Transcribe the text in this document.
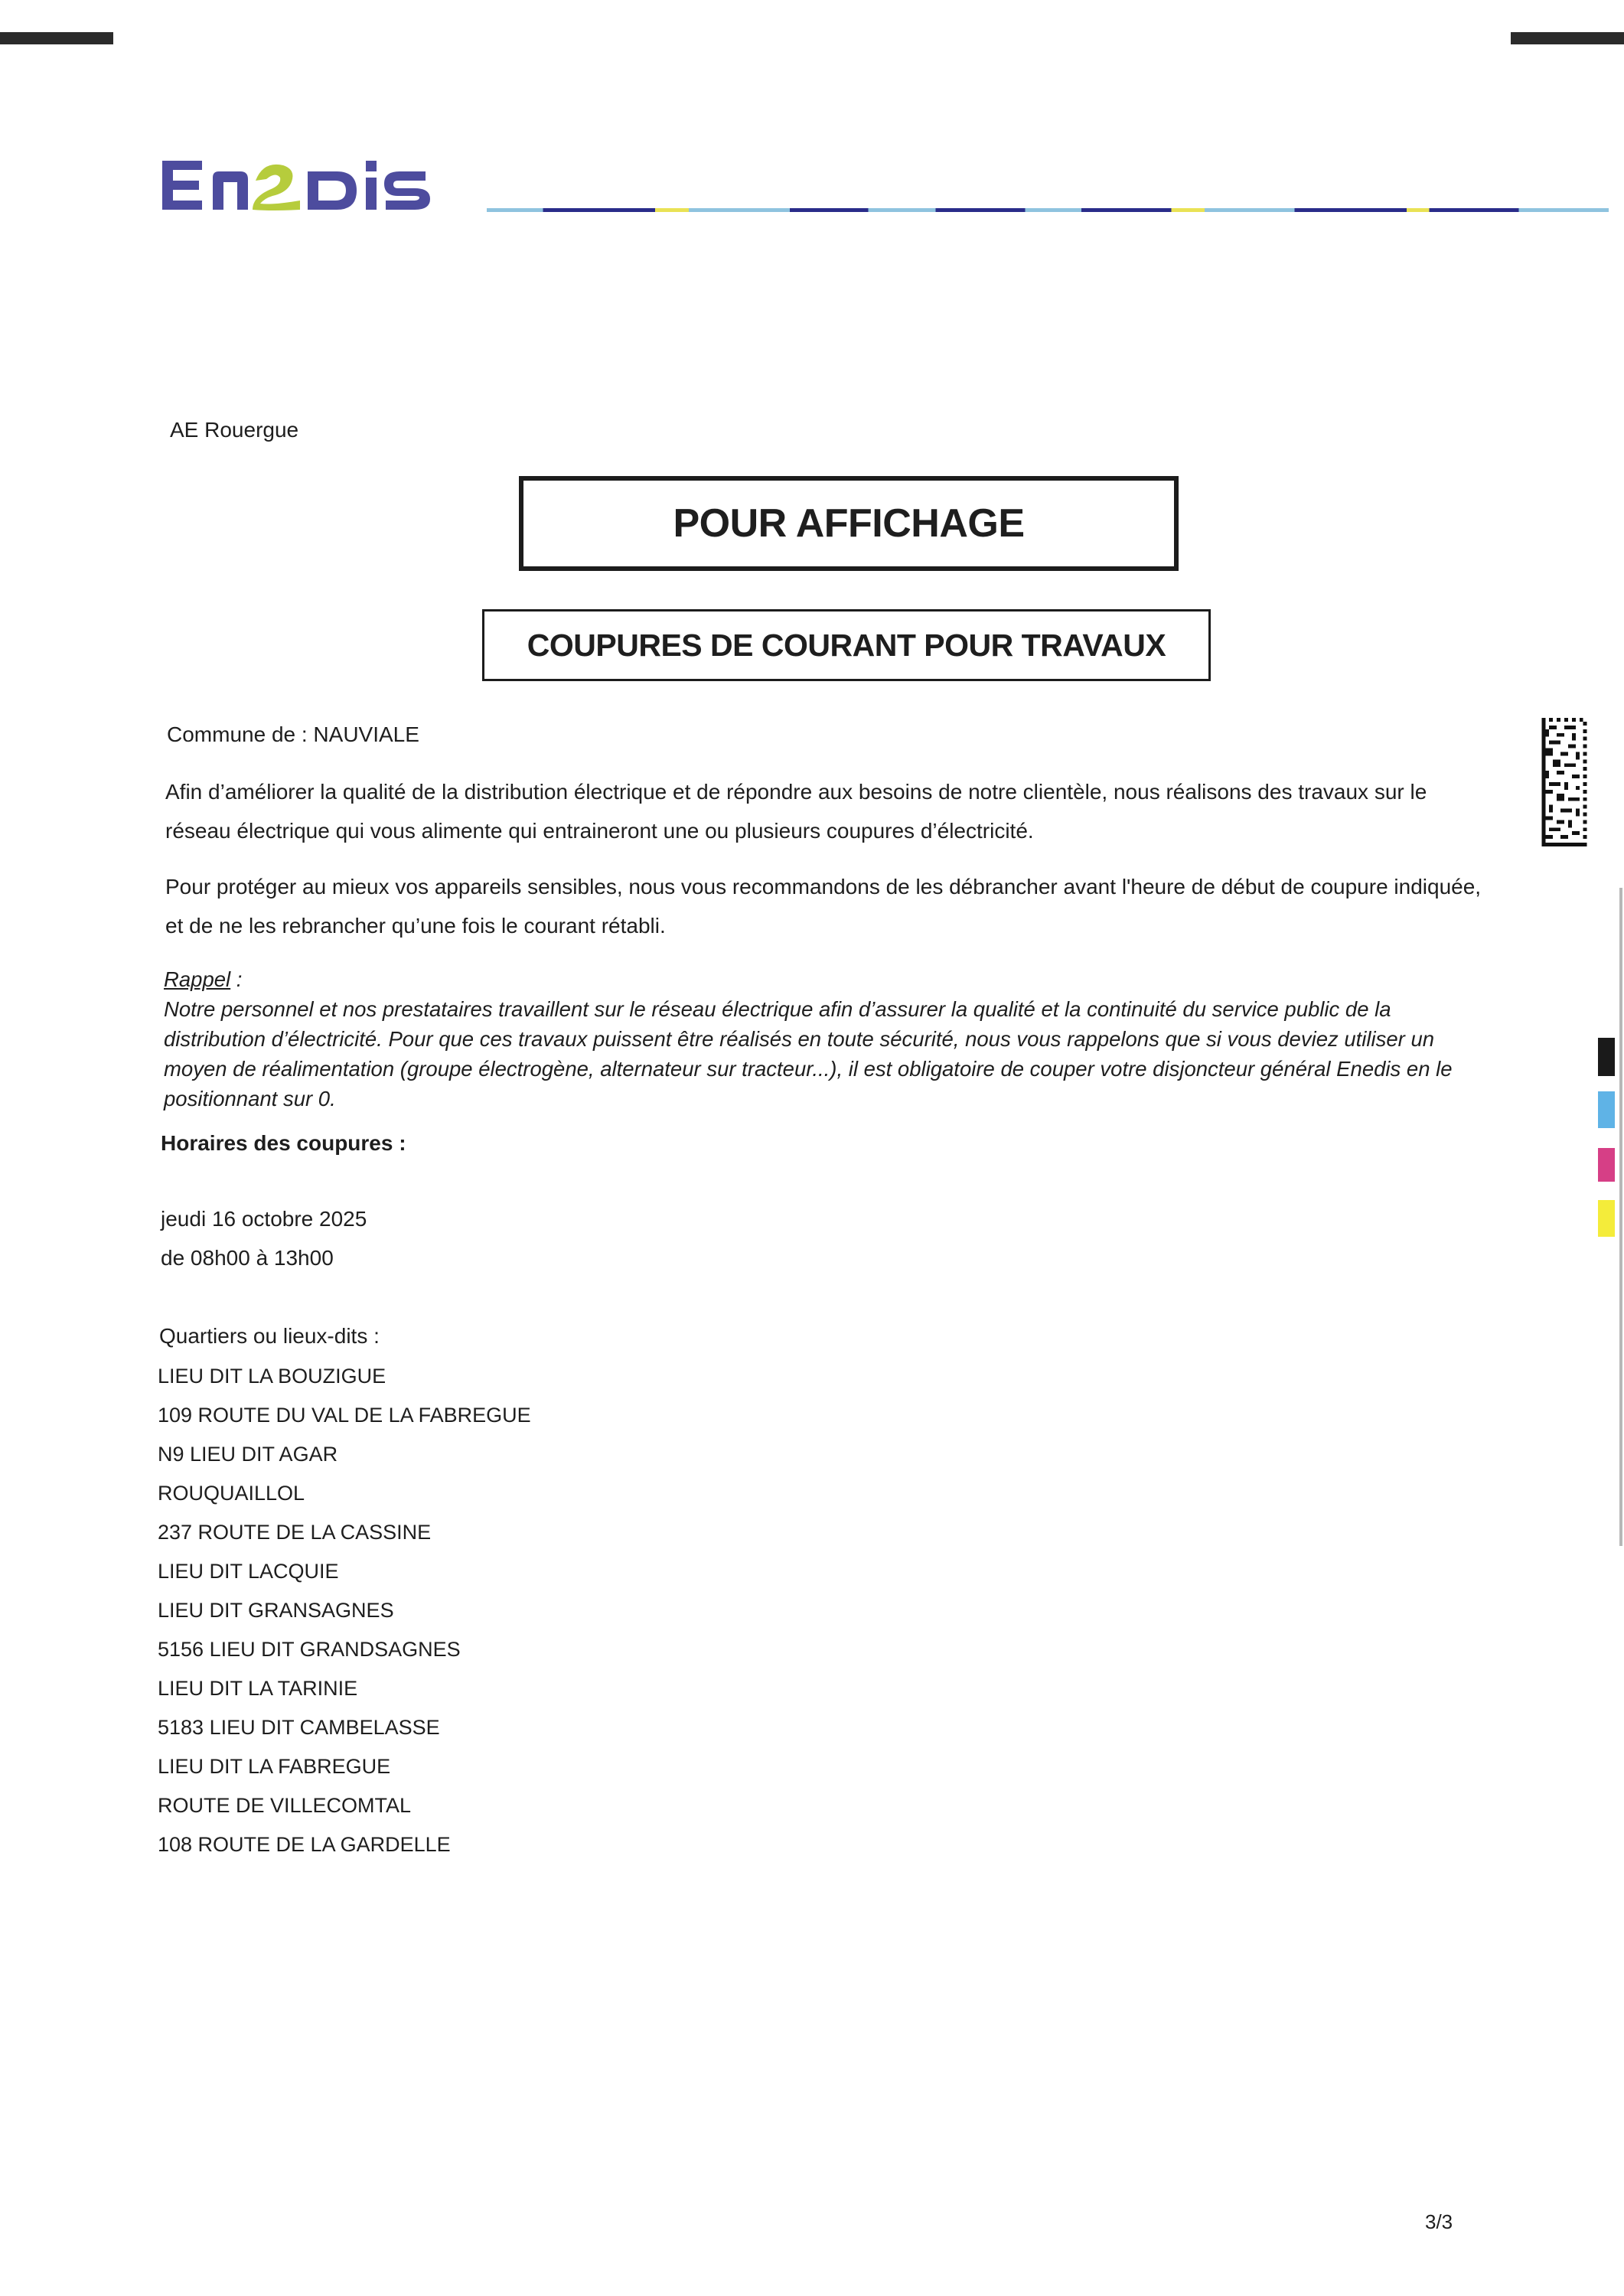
AE Rouergue
POUR AFFICHAGE
COUPURES DE COURANT POUR TRAVAUX
Commune de : NAUVIALE
Afin d’améliorer la qualité de la distribution électrique et de répondre aux besoins de notre clientèle, nous réalisons des travaux sur le réseau électrique qui vous alimente qui entraineront une ou plusieurs coupures d’électricité.
Pour protéger au mieux vos appareils sensibles, nous vous recommandons de les débrancher avant l'heure de début de coupure indiquée, et de ne les rebrancher qu’une fois le courant rétabli.
Rappel :
Notre personnel et nos prestataires travaillent sur le réseau électrique afin d’assurer la qualité et la continuité du service public de la distribution d’électricité. Pour que ces travaux puissent être réalisés en toute sécurité, nous vous rappelons que si vous deviez utiliser un moyen de réalimentation (groupe électrogène, alternateur sur tracteur...), il est obligatoire de couper votre disjoncteur général Enedis en le positionnant sur 0.
Horaires des coupures :
jeudi 16 octobre 2025
de 08h00 à 13h00
Quartiers ou lieux-dits :
LIEU DIT LA BOUZIGUE
109 ROUTE DU VAL DE LA FABREGUE
N9 LIEU DIT AGAR
ROUQUAILLOL
237 ROUTE DE LA CASSINE
LIEU DIT LACQUIE
LIEU DIT GRANSAGNES
5156 LIEU DIT GRANDSAGNES
LIEU DIT LA TARINIE
5183 LIEU DIT CAMBELASSE
LIEU DIT LA FABREGUE
ROUTE DE VILLECOMTAL
108 ROUTE DE LA GARDELLE
3/3
